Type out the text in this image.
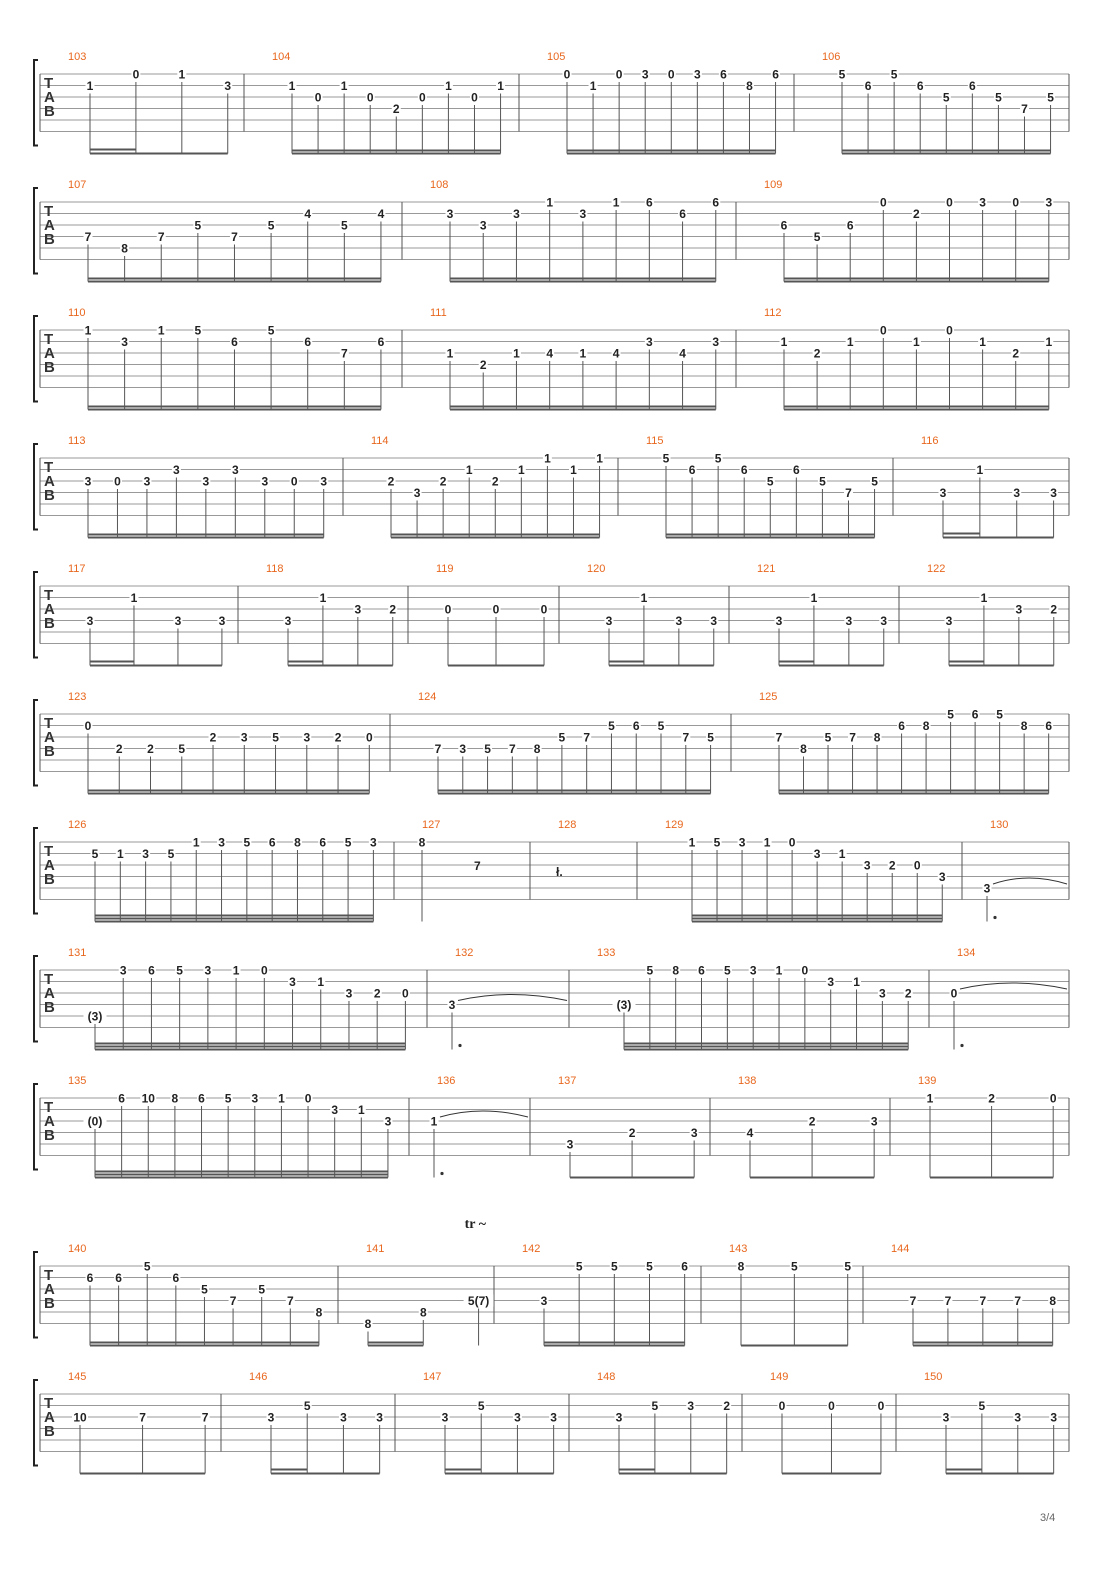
T
A
B
103
1
0	1
3
104
1
0
1
0
2
0
1
0
1
105
0
1
0 3 0 3 6
8
6
106
5
6
5
6
5
6
5
7
5
T
A
B
107
7
8
7
5
7
5
4
5
4
108
3
3
3
1
3
1 6
6
6
109
6
5
6
0
2
0 3 0 3
T
A
B
110
1
3
1 5
6
5
6
7
6
111
1
2
1 4 1 4
3
4
3
112
1
2
1
0
1
0
1
2
1
T
A
B
113
3 0 3
3
3
3
3 0 3
114
2
3
2
1
2
1
1
1
1
115
5
6
5
6
5
6
5
7
5
116
3
1
3	3
T
A
B
117
3
1
3	3
118
3
1
3 2
119
0	0	0
120
3
1
3 3
121
3
1
3 3
122
3
1
3 2
T
A
B
123
0
2 2 5
2 3 5 3 2 0
124
7 3 5 7 8
5 7
5 6 5
7 5
125
7
8
5 7 8
6 8
5 6 5
8 6
T
A
B
126
5 1 3 5
1 3 5 6 8 6 5 3
127
8
7
128
ł.
129
1 5 3 1 0
3 1
3 2 0
3
130
3
T
A
B
131
(3)
3 6 5 3 1 0
3 1
3 2 0
132
3
133
(3)
5 8 6 5 3 1 0
3 1
3 2
134
0
T
A
B
135
(0)
6 10 8 6 5 3 1 0
3 1
3
136
1
137
3
2	3
138
4
2	3
139
1	2	0
T
A
B
140
6 6
5
6
5
7
5
7
8
141
8
8
5(7)
tr ~
142
3
5 5 5 6
143
8	5	5
144
7 7 7 7 8
T
A
B
145
10	7	7
146
3
5
3 3
147
3
5
3 3
148
3
5 3 2
149
0	0	0
150
3
5
3 3
3/4
